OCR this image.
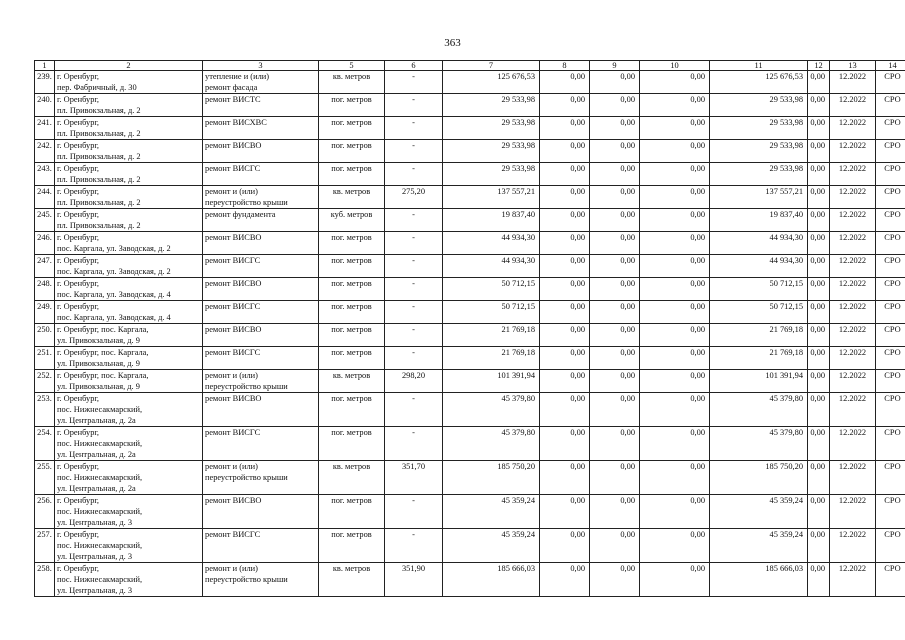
363
1	2	3	5	6	7	8	9	10	11	12	13	14
239.	г. Оренбург,
пер. Фабричный, д. 30	утепление и (или)
ремонт фасада	кв. метров	-	125 676,53	0,00	0,00	0,00	125 676,53	0,00	12.2022	СРО
240.	г. Оренбург,
пл. Привокзальная, д. 2	ремонт ВИСТС	пог. метров	-	29 533,98	0,00	0,00	0,00	29 533,98	0,00	12.2022	СРО
241.	г. Оренбург,
пл. Привокзальная, д. 2	ремонт ВИСХВС	пог. метров	-	29 533,98	0,00	0,00	0,00	29 533,98	0,00	12.2022	СРО
242.	г. Оренбург,
пл. Привокзальная, д. 2	ремонт ВИСВО	пог. метров	-	29 533,98	0,00	0,00	0,00	29 533,98	0,00	12.2022	СРО
243.	г. Оренбург,
пл. Привокзальная, д. 2	ремонт ВИСГС	пог. метров	-	29 533,98	0,00	0,00	0,00	29 533,98	0,00	12.2022	СРО
244.	г. Оренбург,
пл. Привокзальная, д. 2	ремонт и (или)
переустройство крыши	кв. метров	275,20	137 557,21	0,00	0,00	0,00	137 557,21	0,00	12.2022	СРО
245.	г. Оренбург,
пл. Привокзальная, д. 2	ремонт фундамента	куб. метров	-	19 837,40	0,00	0,00	0,00	19 837,40	0,00	12.2022	СРО
246.	г. Оренбург,
пос. Каргала, ул. Заводская, д. 2	ремонт ВИСВО	пог. метров	-	44 934,30	0,00	0,00	0,00	44 934,30	0,00	12.2022	СРО
247.	г. Оренбург,
пос. Каргала, ул. Заводская, д. 2	ремонт ВИСГС	пог. метров	-	44 934,30	0,00	0,00	0,00	44 934,30	0,00	12.2022	СРО
248.	г. Оренбург,
пос. Каргала, ул. Заводская, д. 4	ремонт ВИСВО	пог. метров	-	50 712,15	0,00	0,00	0,00	50 712,15	0,00	12.2022	СРО
249.	г. Оренбург,
пос. Каргала, ул. Заводская, д. 4	ремонт ВИСГС	пог. метров	-	50 712,15	0,00	0,00	0,00	50 712,15	0,00	12.2022	СРО
250.	г. Оренбург, пос. Каргала,
ул. Привокзальная, д. 9	ремонт ВИСВО	пог. метров	-	21 769,18	0,00	0,00	0,00	21 769,18	0,00	12.2022	СРО
251.	г. Оренбург, пос. Каргала,
ул. Привокзальная, д. 9	ремонт ВИСГС	пог. метров	-	21 769,18	0,00	0,00	0,00	21 769,18	0,00	12.2022	СРО
252.	г. Оренбург, пос. Каргала,
ул. Привокзальная, д. 9	ремонт и (или)
переустройство крыши	кв. метров	298,20	101 391,94	0,00	0,00	0,00	101 391,94	0,00	12.2022	СРО
253.	г. Оренбург,
пос. Нижнесакмарский,
ул. Центральная, д. 2а	ремонт ВИСВО	пог. метров	-	45 379,80	0,00	0,00	0,00	45 379,80	0,00	12.2022	СРО
254.	г. Оренбург,
пос. Нижнесакмарский,
ул. Центральная, д. 2а	ремонт ВИСГС	пог. метров	-	45 379,80	0,00	0,00	0,00	45 379,80	0,00	12.2022	СРО
255.	г. Оренбург,
пос. Нижнесакмарский,
ул. Центральная, д. 2а	ремонт и (или)
переустройство крыши	кв. метров	351,70	185 750,20	0,00	0,00	0,00	185 750,20	0,00	12.2022	СРО
256.	г. Оренбург,
пос. Нижнесакмарский,
ул. Центральная, д. 3	ремонт ВИСВО	пог. метров	-	45 359,24	0,00	0,00	0,00	45 359,24	0,00	12.2022	СРО
257.	г. Оренбург,
пос. Нижнесакмарский,
ул. Центральная, д. 3	ремонт ВИСГС	пог. метров	-	45 359,24	0,00	0,00	0,00	45 359,24	0,00	12.2022	СРО
258.	г. Оренбург,
пос. Нижнесакмарский,
ул. Центральная, д. 3	ремонт и (или)
переустройство крыши	кв. метров	351,90	185 666,03	0,00	0,00	0,00	185 666,03	0,00	12.2022	СРО
